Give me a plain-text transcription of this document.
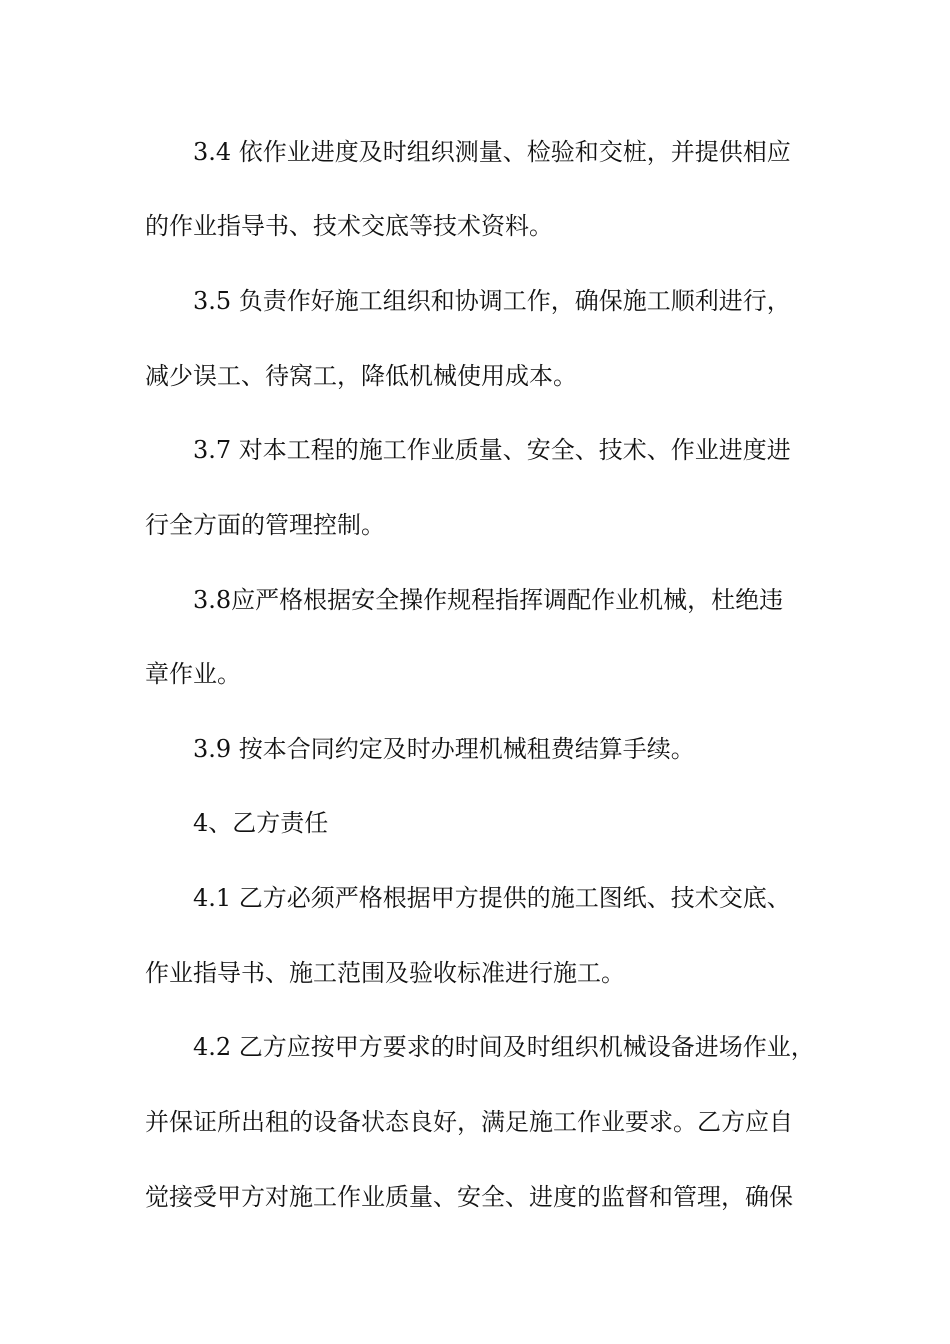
3.4 依作业进度及时组织测量、检验和交桩，并提供相应
的作业指导书、技术交底等技术资料。
3.5 负责作好施工组织和协调工作，确保施工顺利进行，
减少误工、待窝工，降低机械使用成本。
3.7 对本工程的施工作业质量、安全、技术、作业进度进
行全方面的管理控制。
3.8应严格根据安全操作规程指挥调配作业机械，杜绝违
章作业。
3.9 按本合同约定及时办理机械租费结算手续。
4、乙方责任
4.1 乙方必须严格根据甲方提供的施工图纸、技术交底、
作业指导书、施工范围及验收标准进行施工。
4.2 乙方应按甲方要求的时间及时组织机械设备进场作业，
并保证所出租的设备状态良好，满足施工作业要求。乙方应自
觉接受甲方对施工作业质量、安全、进度的监督和管理，确保
